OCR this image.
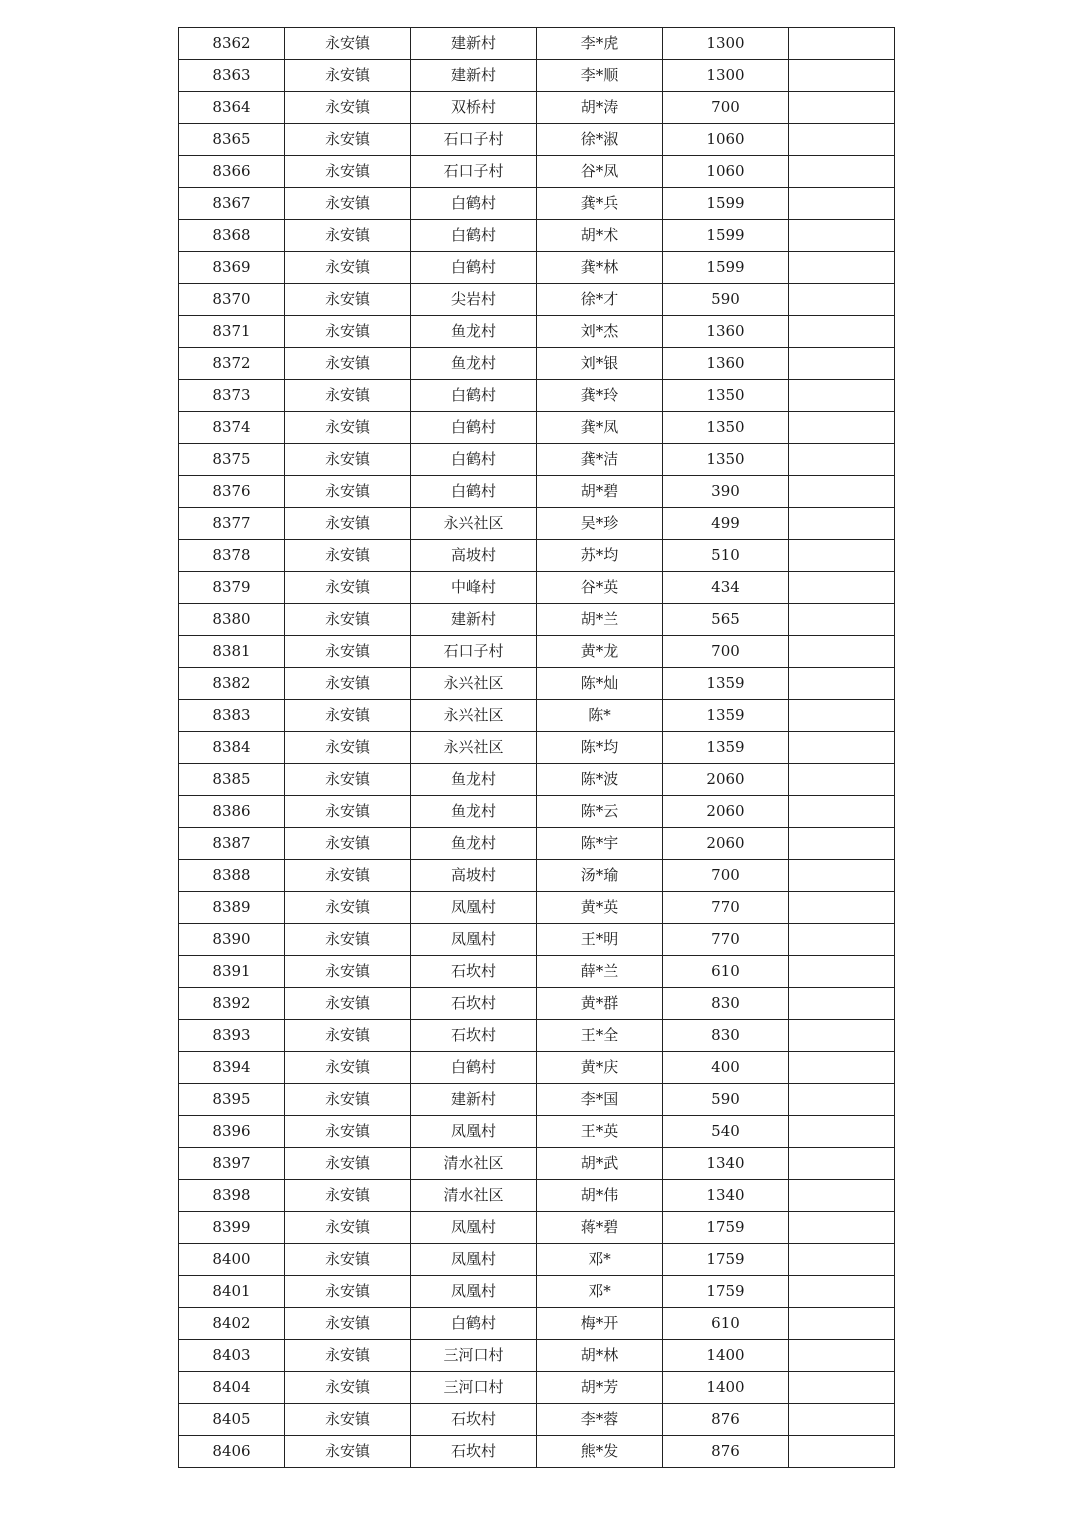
8362	永安镇	建新村	李*虎	1300	
8363	永安镇	建新村	李*顺	1300	
8364	永安镇	双桥村	胡*涛	700	
8365	永安镇	石口子村	徐*淑	1060	
8366	永安镇	石口子村	谷*凤	1060	
8367	永安镇	白鹤村	龚*兵	1599	
8368	永安镇	白鹤村	胡*术	1599	
8369	永安镇	白鹤村	龚*林	1599	
8370	永安镇	尖岩村	徐*才	590	
8371	永安镇	鱼龙村	刘*杰	1360	
8372	永安镇	鱼龙村	刘*银	1360	
8373	永安镇	白鹤村	龚*玲	1350	
8374	永安镇	白鹤村	龚*凤	1350	
8375	永安镇	白鹤村	龚*洁	1350	
8376	永安镇	白鹤村	胡*碧	390	
8377	永安镇	永兴社区	吴*珍	499	
8378	永安镇	高坡村	苏*均	510	
8379	永安镇	中峰村	谷*英	434	
8380	永安镇	建新村	胡*兰	565	
8381	永安镇	石口子村	黄*龙	700	
8382	永安镇	永兴社区	陈*灿	1359	
8383	永安镇	永兴社区	陈*	1359	
8384	永安镇	永兴社区	陈*均	1359	
8385	永安镇	鱼龙村	陈*波	2060	
8386	永安镇	鱼龙村	陈*云	2060	
8387	永安镇	鱼龙村	陈*宇	2060	
8388	永安镇	高坡村	汤*瑜	700	
8389	永安镇	凤凰村	黄*英	770	
8390	永安镇	凤凰村	王*明	770	
8391	永安镇	石坎村	薛*兰	610	
8392	永安镇	石坎村	黄*群	830	
8393	永安镇	石坎村	王*全	830	
8394	永安镇	白鹤村	黄*庆	400	
8395	永安镇	建新村	李*国	590	
8396	永安镇	凤凰村	王*英	540	
8397	永安镇	清水社区	胡*武	1340	
8398	永安镇	清水社区	胡*伟	1340	
8399	永安镇	凤凰村	蒋*碧	1759	
8400	永安镇	凤凰村	邓*	1759	
8401	永安镇	凤凰村	邓*	1759	
8402	永安镇	白鹤村	梅*开	610	
8403	永安镇	三河口村	胡*林	1400	
8404	永安镇	三河口村	胡*芳	1400	
8405	永安镇	石坎村	李*蓉	876	
8406	永安镇	石坎村	熊*发	876	
